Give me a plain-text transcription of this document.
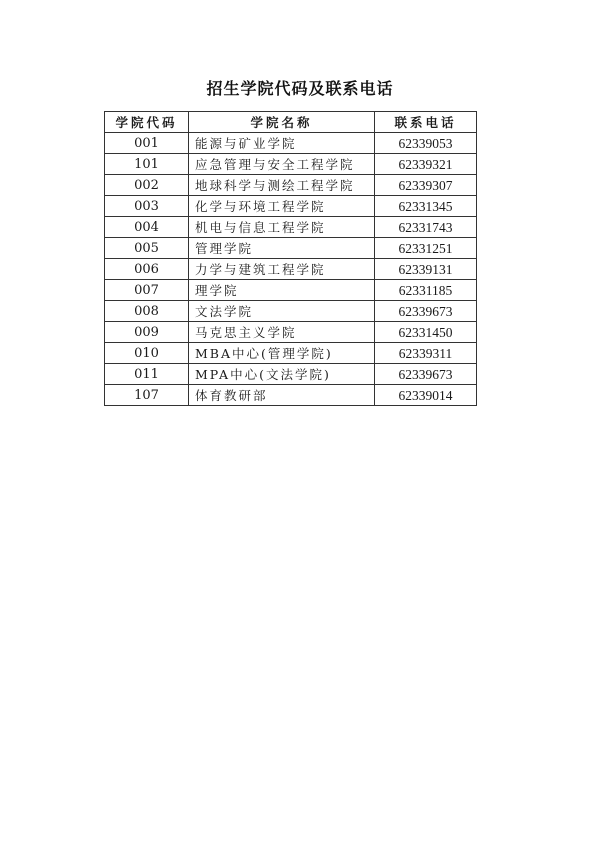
招生学院代码及联系电话
学院代码	学院名称	联系电话
001	能源与矿业学院	62339053
101	应急管理与安全工程学院	62339321
002	地球科学与测绘工程学院	62339307
003	化学与环境工程学院	62331345
004	机电与信息工程学院	62331743
005	管理学院	62331251
006	力学与建筑工程学院	62339131
007	理学院	62331185
008	文法学院	62339673
009	马克思主义学院	62331450
010	MBA中心(管理学院)	62339311
011	MPA中心(文法学院)	62339673
107	体育教研部	62339014
